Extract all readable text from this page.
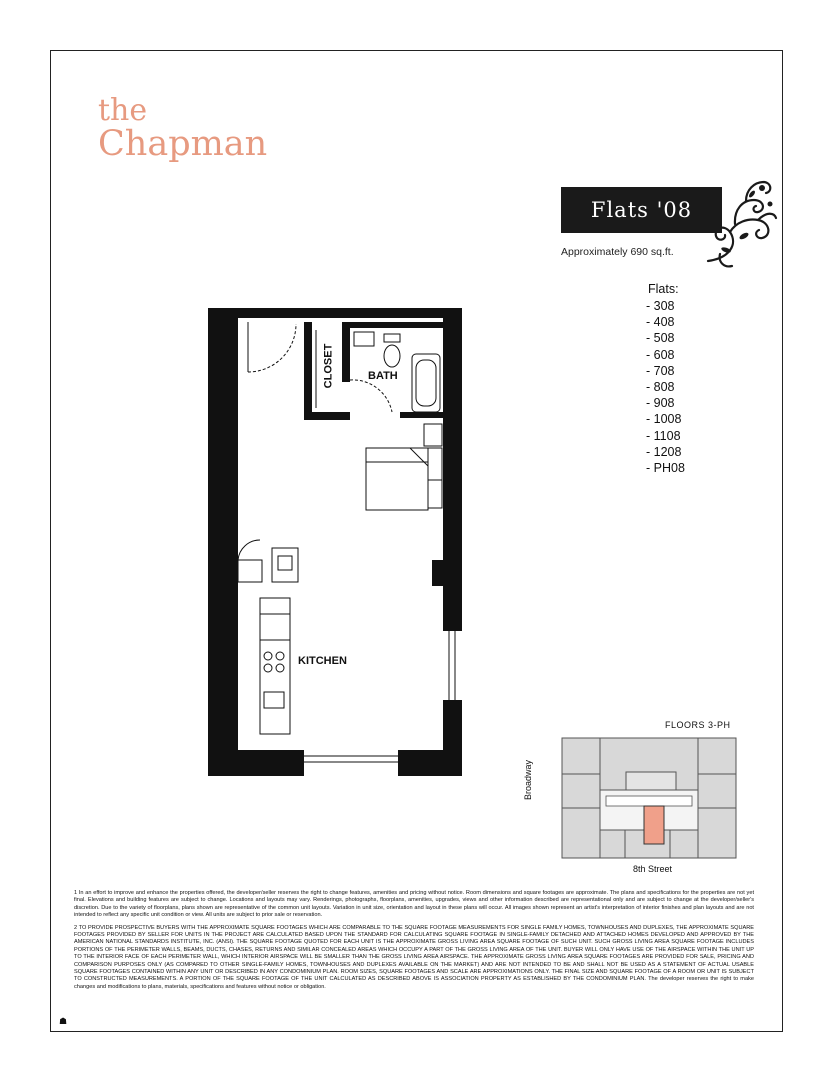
the
Chapman
Flats '08
Approximately 690 sq.ft.
Flats:
- 308
- 408
- 508
- 608
- 708
- 808
- 908
- 1008
- 1108
- 1208
- PH08
CLOSET	BATH
KITCHEN
FLOORS 3-PH
Broadway
8th Street

1 In an effort to improve and enhance the properties offered, the developer/seller reserves the right to change features, amenities and pricing without notice. Room dimensions and square footages are approximate. The plans and specifications for the properties are not yet final. Elevations and building features are subject to change. Locations and layouts may vary. Renderings, photographs, floorplans, amenities, upgrades, views and other information described are representational only and are subject to change at the developer/seller's discretion. Due to the variety of floorplans, plans shown are representative of the common unit layouts. Variation in unit size, orientation and layout in these plans will occur. All images shown represent an artist's interpretation of interior finishes and plan layouts and are not intended to reflect any specific unit condition or view. All units are subject to prior sale or reservation.

2 TO PROVIDE PROSPECTIVE BUYERS WITH THE APPROXIMATE SQUARE FOOTAGES WHICH ARE COMPARABLE TO THE SQUARE FOOTAGE MEASUREMENTS FOR SINGLE FAMILY HOMES, TOWNHOUSES AND DUPLEXES, THE APPROXIMATE SQUARE FOOTAGES PROVIDED BY SELLER FOR UNITS IN THE PROJECT ARE CALCULATED BASED UPON THE STANDARD FOR CALCULATING SQUARE FOOTAGE IN SINGLE-FAMILY DETACHED AND ATTACHED HOMES DEVELOPED AND APPROVED BY THE AMERICAN NATIONAL STANDARDS INSTITUTE, INC. (ANSI). THE SQUARE FOOTAGE QUOTED FOR EACH UNIT IS THE APPROXIMATE GROSS LIVING AREA SQUARE FOOTAGE OF SUCH UNIT. SUCH GROSS LIVING AREA SQUARE FOOTAGE INCLUDES PORTIONS OF THE PERIMETER WALLS, BEAMS, DUCTS, CHASES, RETURNS AND SIMILAR CONCEALED AREAS WHICH OCCUPY A PART OF THE GROSS LIVING AREA OF THE UNIT. BUYER WILL ONLY HAVE USE OF THE AIRSPACE WITHIN THE UNIT UP TO THE INTERIOR FACE OF EACH PERIMETER WALL, WHICH INTERIOR AIRSPACE WILL BE SMALLER THAN THE GROSS LIVING AREA AIRSPACE. THE APPROXIMATE GROSS LIVING AREA SQUARE FOOTAGES ARE PROVIDED FOR SALE, PRICING AND COMPARISON PURPOSES ONLY (AS COMPARED TO OTHER SINGLE-FAMILY HOMES, TOWNHOUSES AND DUPLEXES AVAILABLE ON THE MARKET) AND ARE NOT INTENDED TO BE AND SHALL NOT BE USED AS A STATEMENT OF ACTUAL USABLE SQUARE FOOTAGES CONTAINED WITHIN ANY UNIT OR DESCRIBED IN ANY CONDOMINIUM PLAN. ROOM SIZES, SQUARE FOOTAGES AND SCALE ARE APPROXIMATIONS ONLY. THE FINAL SIZE AND SQUARE FOOTAGE OF A ROOM OR UNIT IS SUBJECT TO CONSTRUCTED MEASUREMENTS. A PORTION OF THE SQUARE FOOTAGE OF THE UNIT CALCULATED AS DESCRIBED ABOVE IS ASSOCIATION PROPERTY AS ESTABLISHED BY THE CONDOMINIUM PLAN. The developer reserves the right to make changes and modifications to plans, materials, specifications and features without notice or obligation.

☗
